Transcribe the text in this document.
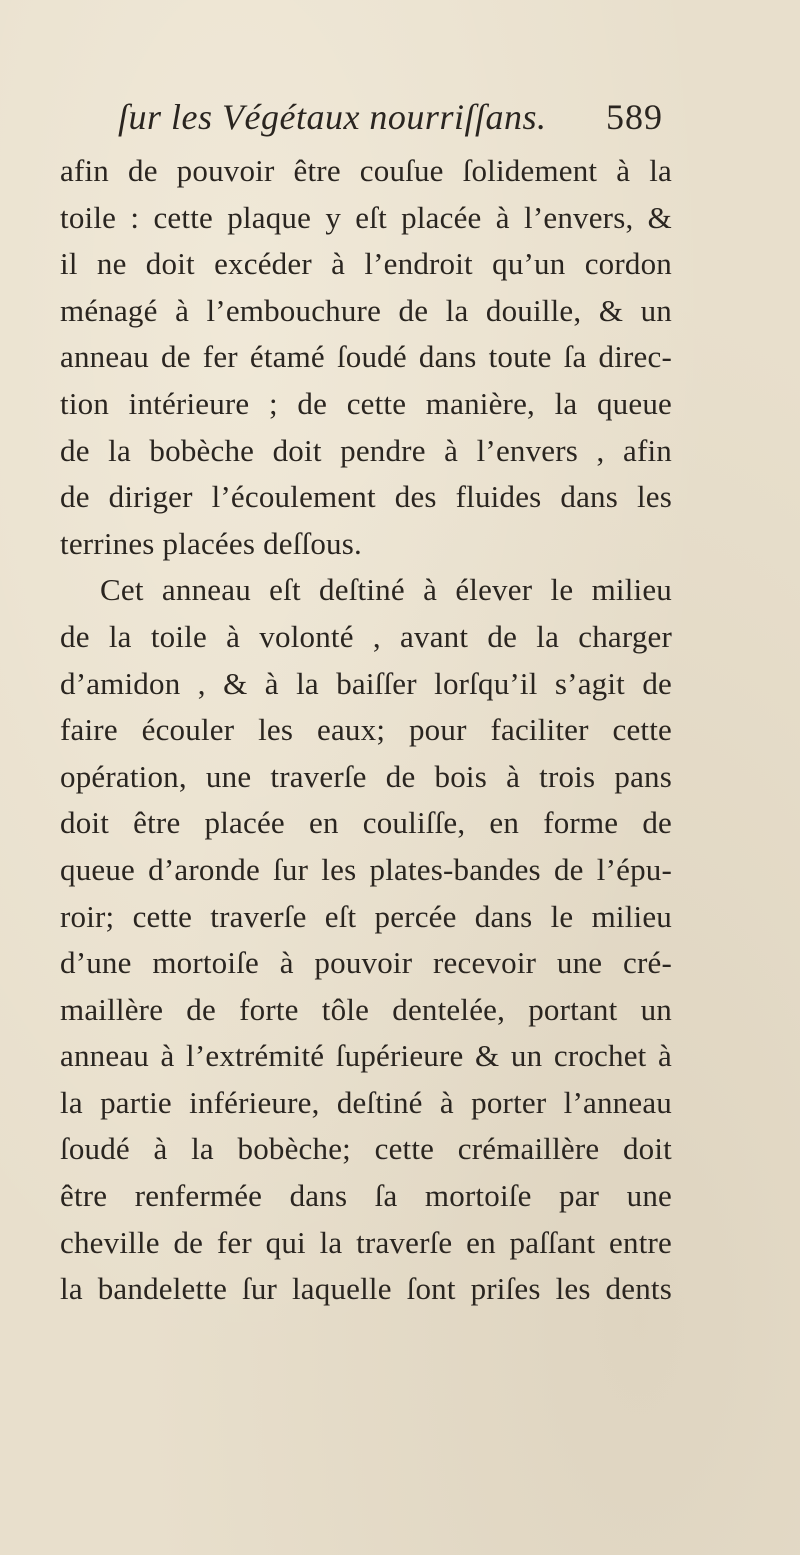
ſur les Végétaux nourriſſans. 589
afin de pouvoir être couſue ſolidement à la
toile : cette plaque y eſt placée à l’envers, &
il ne doit excéder à l’endroit qu’un cordon
ménagé à l’embouchure de la douille, & un
anneau de fer étamé ſoudé dans toute ſa direc-
tion intérieure ; de cette manière, la queue
de la bobèche doit pendre à l’envers , afin
de diriger l’écoulement des fluides dans les
terrines placées deſſous.
Cet anneau eſt deſtiné à élever le milieu
de la toile à volonté , avant de la charger
d’amidon , & à la baiſſer lorſqu’il s’agit de
faire écouler les eaux; pour faciliter cette
opération, une traverſe de bois à trois pans
doit être placée en couliſſe, en forme de
queue d’aronde ſur les plates-bandes de l’épu-
roir; cette traverſe eſt percée dans le milieu
d’une mortoiſe à pouvoir recevoir une cré-
maillère de forte tôle dentelée, portant un
anneau à l’extrémité ſupérieure & un crochet à
la partie inférieure, deſtiné à porter l’anneau
ſoudé à la bobèche; cette crémaillère doit
être renfermée dans ſa mortoiſe par une
cheville de fer qui la traverſe en paſſant entre
la bandelette ſur laquelle ſont priſes les dents
